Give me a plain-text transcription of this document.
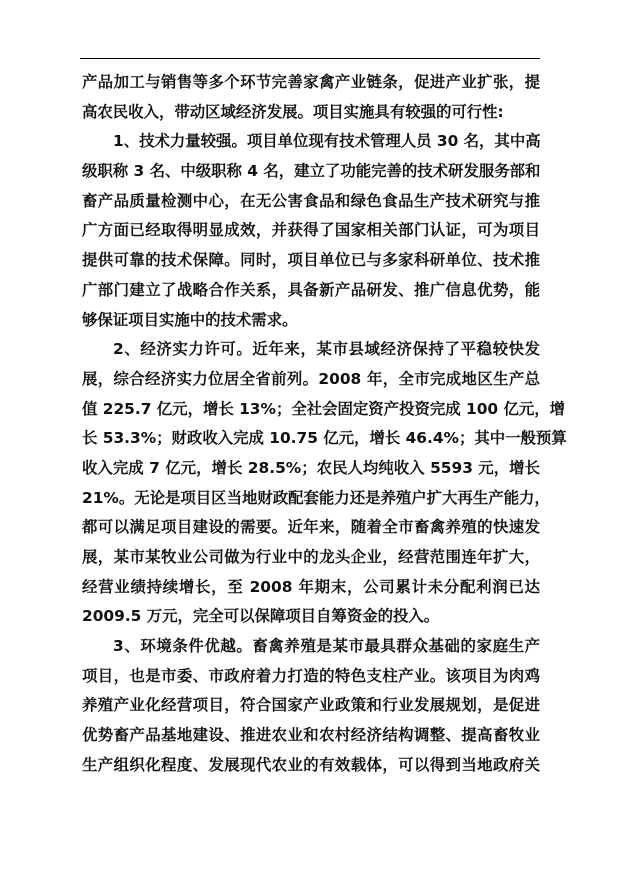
产品加工与销售等多个环节完善家禽产业链条，促进产业扩张，提
高农民收入，带动区域经济发展。项目实施具有较强的可行性:
1、技术力量较强。项目单位现有技术管理人员 30 名，其中高
级职称 3 名、中级职称 4 名，建立了功能完善的技术研发服务部和
畜产品质量检测中心，在无公害食品和绿色食品生产技术研究与推
广方面已经取得明显成效，并获得了国家相关部门认证，可为项目
提供可靠的技术保障。同时，项目单位已与多家科研单位、技术推
广部门建立了战略合作关系，具备新产品研发、推广信息优势，能
够保证项目实施中的技术需求。
2、经济实力许可。近年来，某市县域经济保持了平稳较快发
展，综合经济实力位居全省前列。2008 年，全市完成地区生产总
值 225.7 亿元，增长 13%；全社会固定资产投资完成 100 亿元，增
长 53.3%；财政收入完成 10.75 亿元，增长 46.4%；其中一般预算
收入完成 7 亿元，增长 28.5%；农民人均纯收入 5593 元，增长
21%。无论是项目区当地财政配套能力还是养殖户扩大再生产能力，
都可以满足项目建设的需要。近年来，随着全市畜禽养殖的快速发
展，某市某牧业公司做为行业中的龙头企业，经营范围连年扩大，
经营业绩持续增长，至 2008 年期末，公司累计未分配利润已达
2009.5 万元，完全可以保障项目自筹资金的投入。
3、环境条件优越。畜禽养殖是某市最具群众基础的家庭生产
项目，也是市委、市政府着力打造的特色支柱产业。该项目为肉鸡
养殖产业化经营项目，符合国家产业政策和行业发展规划，是促进
优势畜产品基地建设、推进农业和农村经济结构调整、提高畜牧业
生产组织化程度、发展现代农业的有效载体，可以得到当地政府关
